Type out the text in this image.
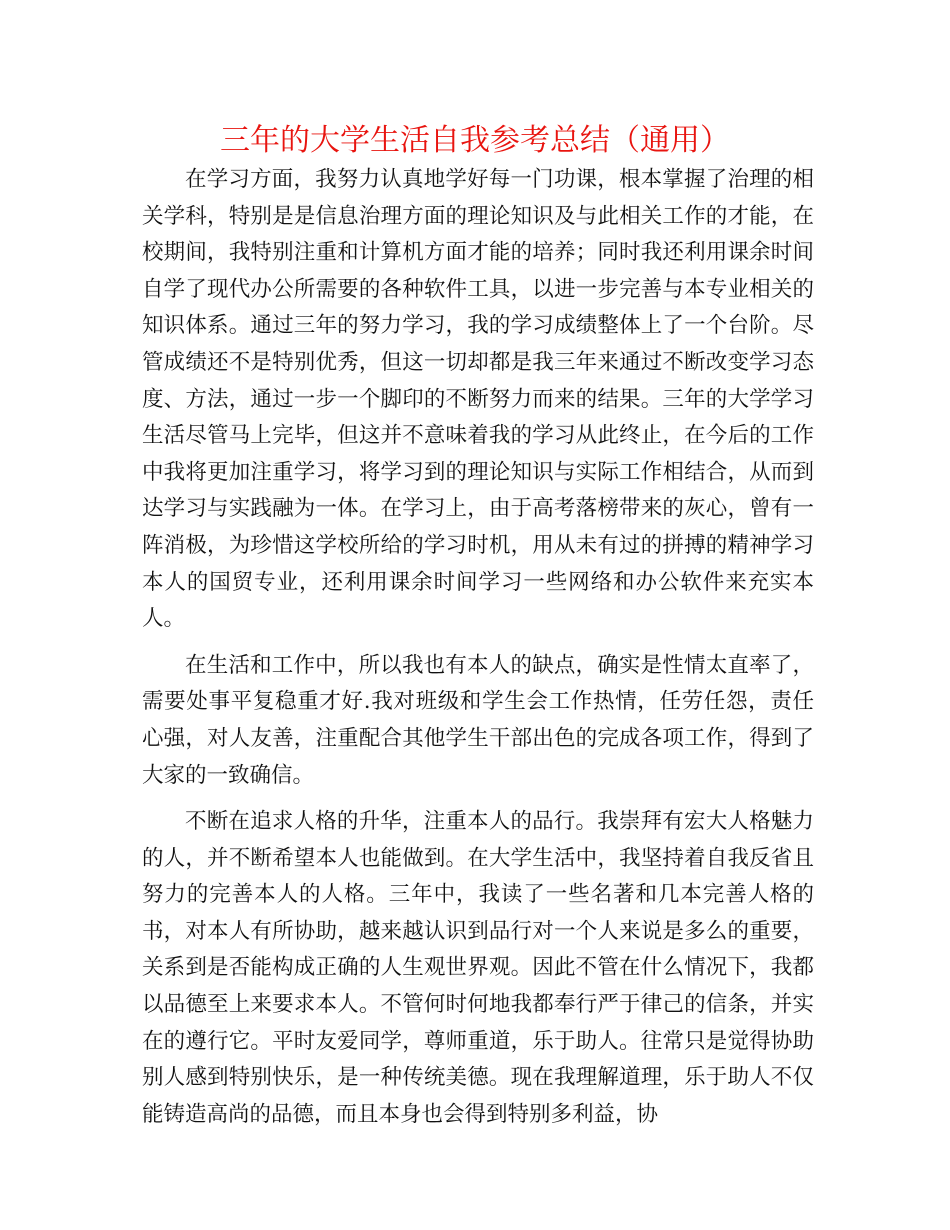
三年的大学生活自我参考总结（通用）

在学习方面，我努力认真地学好每一门功课，根本掌握了治理的相关学科，特别是是信息治理方面的理论知识及与此相关工作的才能，在校期间，我特别注重和计算机方面才能的培养；同时我还利用课余时间自学了现代办公所需要的各种软件工具，以进一步完善与本专业相关的知识体系。通过三年的努力学习，我的学习成绩整体上了一个台阶。尽管成绩还不是特别优秀，但这一切却都是我三年来通过不断改变学习态度、方法，通过一步一个脚印的不断努力而来的结果。三年的大学学习生活尽管马上完毕，但这并不意味着我的学习从此终止，在今后的工作中我将更加注重学习，将学习到的理论知识与实际工作相结合，从而到达学习与实践融为一体。在学习上，由于高考落榜带来的灰心，曾有一阵消极，为珍惜这学校所给的学习时机，用从未有过的拼搏的精神学习本人的国贸专业，还利用课余时间学习一些网络和办公软件来充实本人。

在生活和工作中，所以我也有本人的缺点，确实是性情太直率了，需要处事平复稳重才好.我对班级和学生会工作热情，任劳任怨，责任心强，对人友善，注重配合其他学生干部出色的完成各项工作，得到了大家的一致确信。

不断在追求人格的升华，注重本人的品行。我崇拜有宏大人格魅力的人，并不断希望本人也能做到。在大学生活中，我坚持着自我反省且努力的完善本人的人格。三年中，我读了一些名著和几本完善人格的书，对本人有所协助，越来越认识到品行对一个人来说是多么的重要，关系到是否能构成正确的人生观世界观。因此不管在什么情况下，我都以品德至上来要求本人。不管何时何地我都奉行严于律己的信条，并实在的遵行它。平时友爱同学，尊师重道，乐于助人。往常只是觉得协助别人感到特别快乐，是一种传统美德。现在我理解道理，乐于助人不仅能铸造高尚的品德，而且本身也会得到特别多利益，协
